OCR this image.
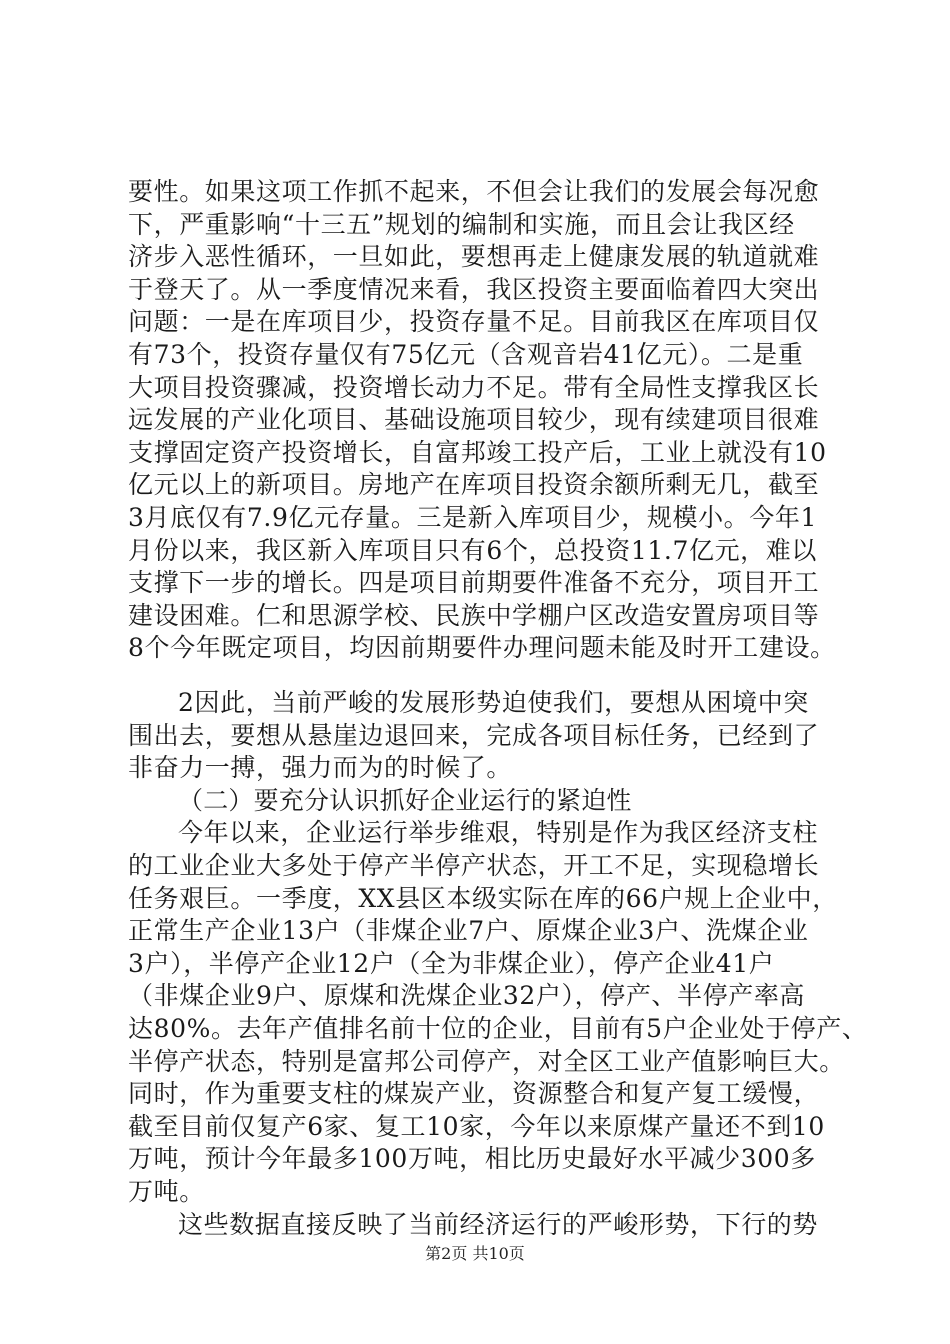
要性。如果这项工作抓不起来，不但会让我们的发展会每况愈
下，严重影响“十三五”规划的编制和实施，而且会让我区经
济步入恶性循环，一旦如此，要想再走上健康发展的轨道就难
于登天了。从一季度情况来看，我区投资主要面临着四大突出
问题：一是在库项目少，投资存量不足。目前我区在库项目仅
有73个，投资存量仅有75亿元（含观音岩41亿元）。二是重
大项目投资骤减，投资增长动力不足。带有全局性支撑我区长
远发展的产业化项目、基础设施项目较少，现有续建项目很难
支撑固定资产投资增长，自富邦竣工投产后，工业上就没有10
亿元以上的新项目。房地产在库项目投资余额所剩无几，截至
3月底仅有7.9亿元存量。三是新入库项目少，规模小。今年1
月份以来，我区新入库项目只有6个，总投资11.7亿元，难以
支撑下一步的增长。四是项目前期要件准备不充分，项目开工
建设困难。仁和思源学校、民族中学棚户区改造安置房项目等
8个今年既定项目，均因前期要件办理问题未能及时开工建设。
2因此，当前严峻的发展形势迫使我们，要想从困境中突
围出去，要想从悬崖边退回来，完成各项目标任务，已经到了
非奋力一搏，强力而为的时候了。
（二）要充分认识抓好企业运行的紧迫性
今年以来，企业运行举步维艰，特别是作为我区经济支柱
的工业企业大多处于停产半停产状态，开工不足，实现稳增长
任务艰巨。一季度，XX县区本级实际在库的66户规上企业中，
正常生产企业13户（非煤企业7户、原煤企业3户、洗煤企业
3户），半停产企业12户（全为非煤企业），停产企业41户
（非煤企业9户、原煤和洗煤企业32户），停产、半停产率高
达80%。去年产值排名前十位的企业，目前有5户企业处于停产、
半停产状态，特别是富邦公司停产，对全区工业产值影响巨大。
同时，作为重要支柱的煤炭产业，资源整合和复产复工缓慢，
截至目前仅复产6家、复工10家，今年以来原煤产量还不到10
万吨，预计今年最多100万吨，相比历史最好水平减少300多
万吨。
这些数据直接反映了当前经济运行的严峻形势，下行的势
第2页 共10页
